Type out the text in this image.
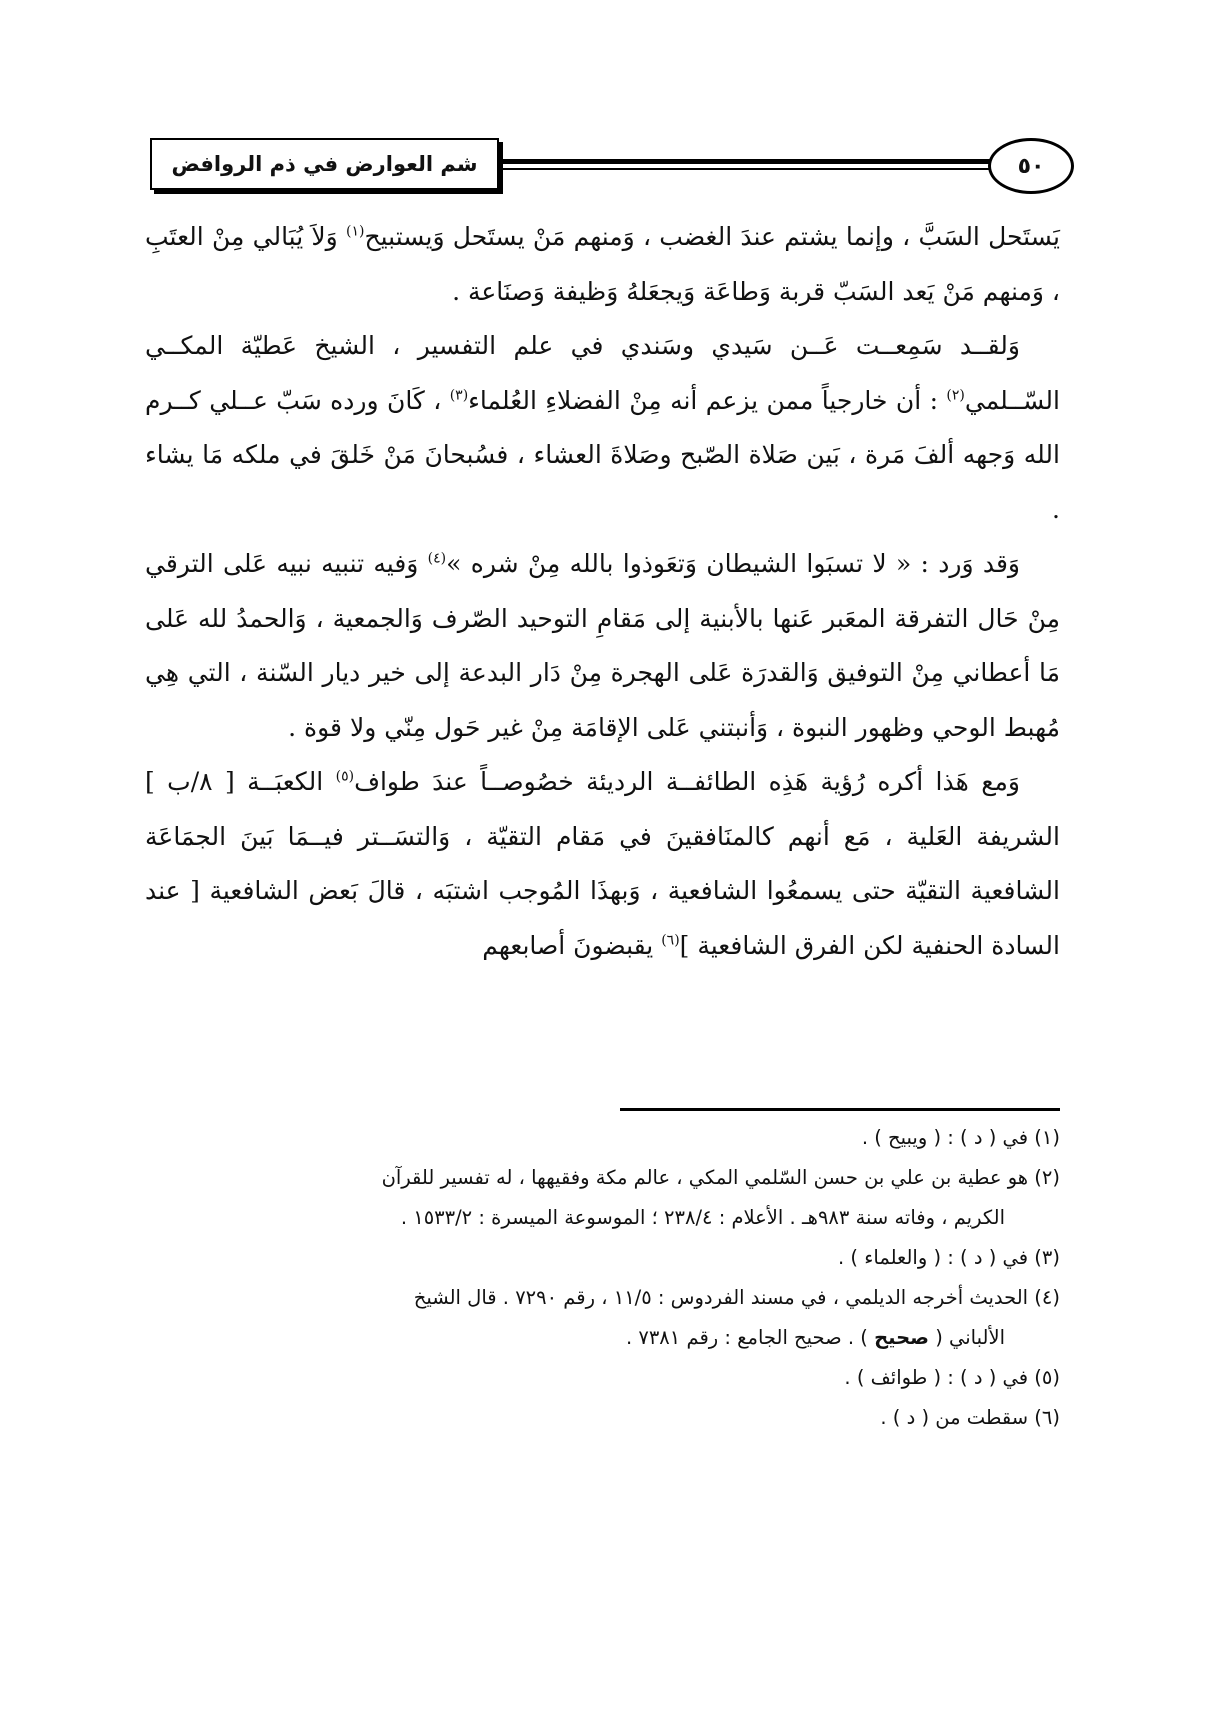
شم العوارض في ذم الروافض	٥٠

يَستَحل السَبَّ ، وإنما يشتم عندَ الغضب ، وَمنهم مَنْ يستَحل وَيستبيح$^{(١)}$ وَلاَ يُبَالي مِنْ العتَبِ ، وَمنهم مَنْ يَعد السَبّ قربة وَطاعَة وَيجعَلهُ وَظيفة وَصنَاعة .

وَلقــد سَمِعــت عَــن سَيدي وسَندي في علم التفسير ، الشيخ عَطيّة المكــي السّــلمي$^{(٢)}$ : أن خارجياً ممن يزعم أنه مِنْ الفضلاءِ العُلماء$^{(٣)}$ ، كَانَ ورده سَبّ عــلي كــرم الله وَجهه ألفَ مَرة ، بَين صَلاة الصّبح وصَلاةَ العشاء ، فسُبحانَ مَنْ خَلقَ في ملكه مَا يشاء .

وَقد وَرد : « لا تسبَوا الشيطان وَتعَوذوا بالله مِنْ شره »$^{(٤)}$ وَفيه تنبيه نبيه عَلى الترقي مِنْ حَال التفرقة المعَبر عَنها بالأبنية إلى مَقامِ التوحيد الصّرف وَالجمعية ، وَالحمدُ لله عَلى مَا أعطاني مِنْ التوفيق وَالقدرَة عَلى الهجرة مِنْ دَار البدعة إلى خير ديار السّنة ، التي هِي مُهبط الوحي وظهور النبوة ، وَأنبتني عَلى الإقامَة مِنْ غير حَول مِنّي ولا قوة .

وَمع هَذا أكره رُؤية هَذِه الطائفــة الرديئة خصُوصــاً عندَ طواف$^{(٥)}$ الكعبَــة [ ٨/ب ] الشريفة العَلية ، مَع أنهم كالمنَافقينَ في مَقام التقيّة ، وَالتسَــتر فيــمَا بَينَ الجمَاعَة الشافعية التقيّة حتى يسمعُوا الشافعية ، وَبهذَا المُوجب اشتبَه ، قالَ بَعض الشافعية [ عند السادة الحنفية لكن الفرق الشافعية ]$^{(٦)}$ يقبضونَ أصابعهم

(١) في ( د ) : ( ويبيح ) .
(٢) هو عطية بن علي بن حسن السّلمي المكي ، عالم مكة وفقيهها ، له تفسير للقرآن
الكريم ، وفاته سنة ٩٨٣هـ . الأعلام : ٢٣٨/٤ ؛ الموسوعة الميسرة : ١٥٣٣/٢ .
(٣) في ( د ) : ( والعلماء ) .
(٤) الحديث أخرجه الديلمي ، في مسند الفردوس : ١١/٥ ، رقم ٧٢٩٠ . قال الشيخ
الألباني ( صحيح ) . صحيح الجامع : رقم ٧٣٨١ .
(٥) في ( د ) : ( طوائف ) .
(٦) سقطت من ( د ) .
